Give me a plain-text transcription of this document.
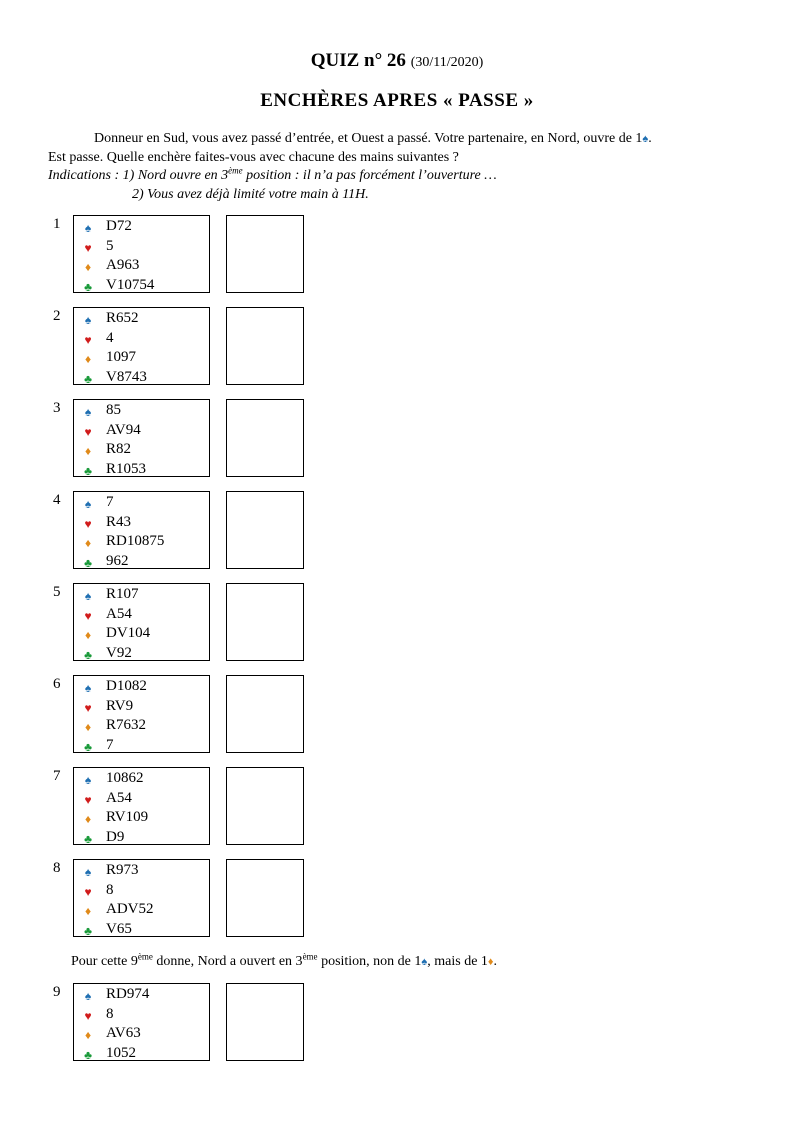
QUIZ n° 26 (30/11/2020)
ENCHÈRES APRES « PASSE »
Donneur en Sud, vous avez passé d’entrée, et Ouest a passé. Votre partenaire, en Nord, ouvre de 1♠.
Est passe. Quelle enchère faites-vous avec chacune des mains suivantes ?
Indications : 1) Nord ouvre en 3ème position : il n’a pas forcément l’ouverture …
2) Vous avez déjà limité votre main à 11H.
1	♠ D72
♥ 5
♦ A963
♣ V10754
2	♠ R652
♥ 4
♦ 1097
♣ V8743
3	♠ 85
♥ AV94
♦ R82
♣ R1053
4	♠ 7
♥ R43
♦ RD10875
♣ 962
5	♠ R107
♥ A54
♦ DV104
♣ V92
6	♠ D1082
♥ RV9
♦ R7632
♣ 7
7	♠ 10862
♥ A54
♦ RV109
♣ D9
8	♠ R973
♥ 8
♦ ADV52
♣ V65
9	♠ RD974
♥ 8
♦ AV63
♣ 1052
Pour cette 9ème donne, Nord a ouvert en 3ème position, non de 1♠, mais de 1♦.
